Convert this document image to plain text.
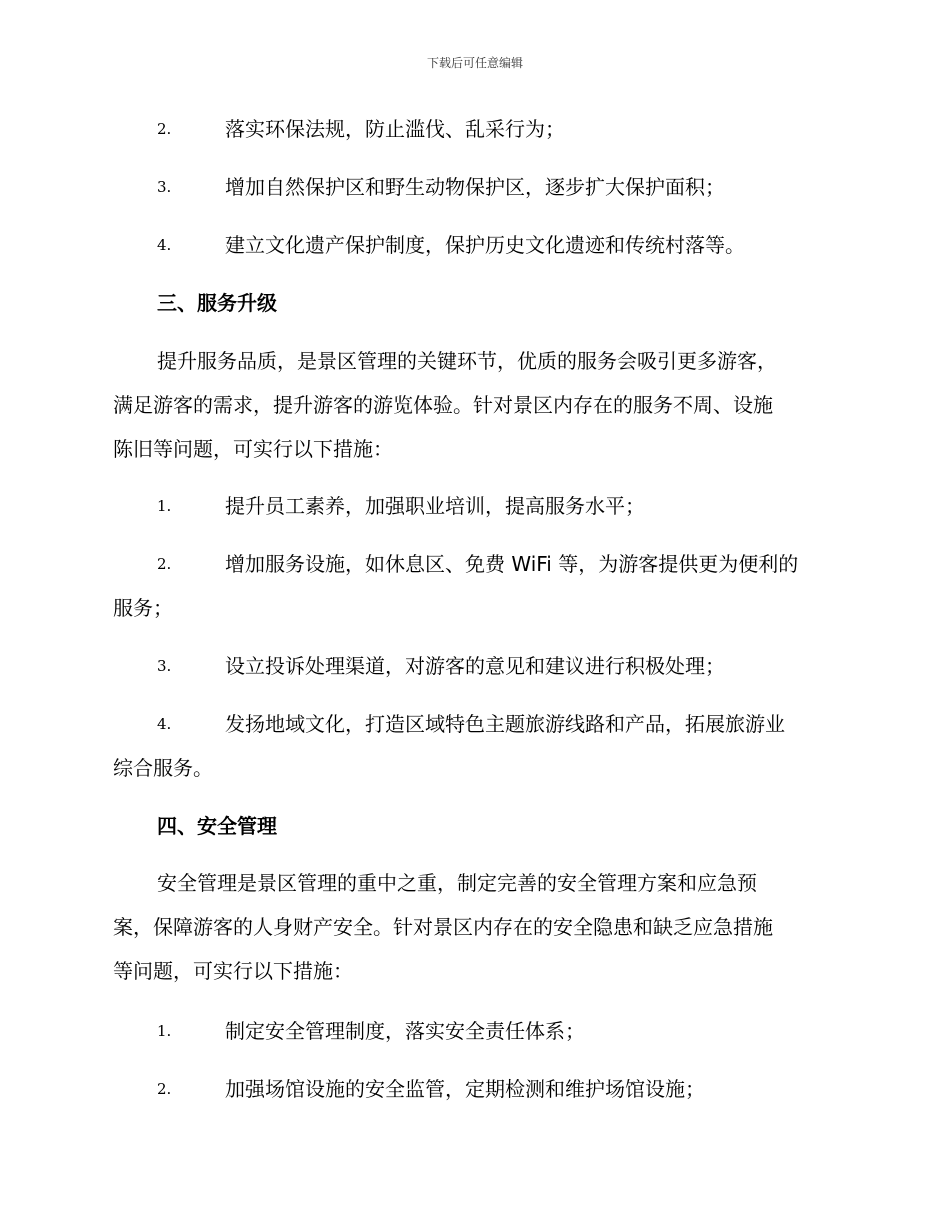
下载后可任意编辑
2.	落实环保法规，防止滥伐、乱采行为；
3.	增加自然保护区和野生动物保护区，逐步扩大保护面积；
4.	建立文化遗产保护制度，保护历史文化遗迹和传统村落等。
三、服务升级
提升服务品质，是景区管理的关键环节，优质的服务会吸引更多游客，
满足游客的需求，提升游客的游览体验。针对景区内存在的服务不周、设施
陈旧等问题，可实行以下措施：
1.	提升员工素养，加强职业培训，提高服务水平；
2.	增加服务设施，如休息区、免费 WiFi 等，为游客提供更为便利的
服务；
3.	设立投诉处理渠道，对游客的意见和建议进行积极处理；
4.	发扬地域文化，打造区域特色主题旅游线路和产品，拓展旅游业
综合服务。
四、安全管理
安全管理是景区管理的重中之重，制定完善的安全管理方案和应急预
案，保障游客的人身财产安全。针对景区内存在的安全隐患和缺乏应急措施
等问题，可实行以下措施：
1.	制定安全管理制度，落实安全责任体系；
2.	加强场馆设施的安全监管，定期检测和维护场馆设施；
